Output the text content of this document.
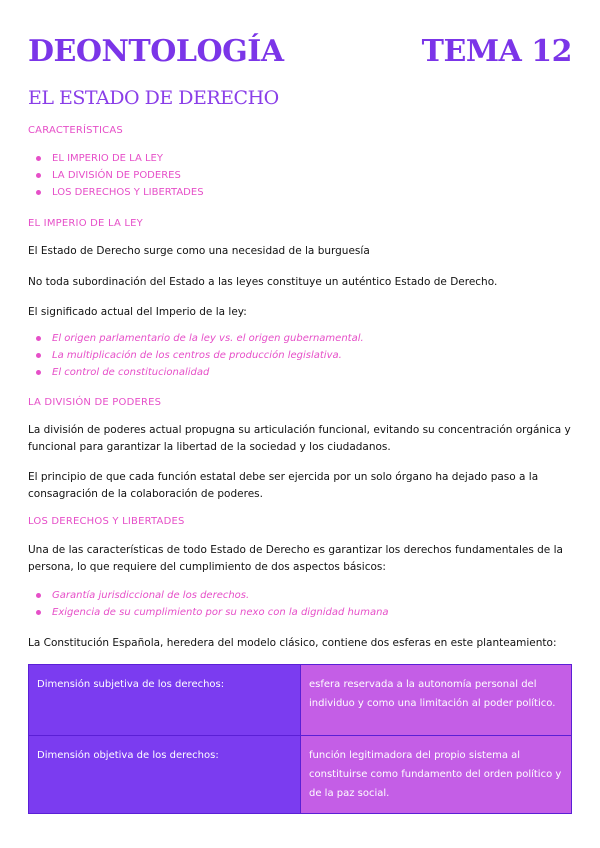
DEONTOLOGÍA	TEMA 12
EL ESTADO DE DERECHO
CARACTERÍSTICAS
EL IMPERIO DE LA LEY
LA DIVISIÓN DE PODERES
LOS DERECHOS Y LIBERTADES
EL IMPERIO DE LA LEY
El Estado de Derecho surge como una necesidad de la burguesía
No toda subordinación del Estado a las leyes constituye un auténtico Estado de Derecho.
El significado actual del Imperio de la ley:
El origen parlamentario de la ley vs. el origen gubernamental.
La multiplicación de los centros de producción legislativa.
El control de constitucionalidad
LA DIVISIÓN DE PODERES
La división de poderes actual propugna su articulación funcional, evitando su concentración orgánica y funcional para garantizar la libertad de la sociedad y los ciudadanos.
El principio de que cada función estatal debe ser ejercida por un solo órgano ha dejado paso a la consagración de la colaboración de poderes.
LOS DERECHOS Y LIBERTADES
Una de las características de todo Estado de Derecho es garantizar los derechos fundamentales de la persona, lo que requiere del cumplimiento de dos aspectos básicos:
Garantía jurisdiccional de los derechos.
Exigencia de su cumplimiento por su nexo con la dignidad humana
La Constitución Española, heredera del modelo clásico, contiene dos esferas en este planteamiento:
Dimensión subjetiva de los derechos:	esfera reservada a la autonomía personal del individuo y como una limitación al poder político.
Dimensión objetiva de los derechos:	función legitimadora del propio sistema al constituirse como fundamento del orden político y de la paz social.
